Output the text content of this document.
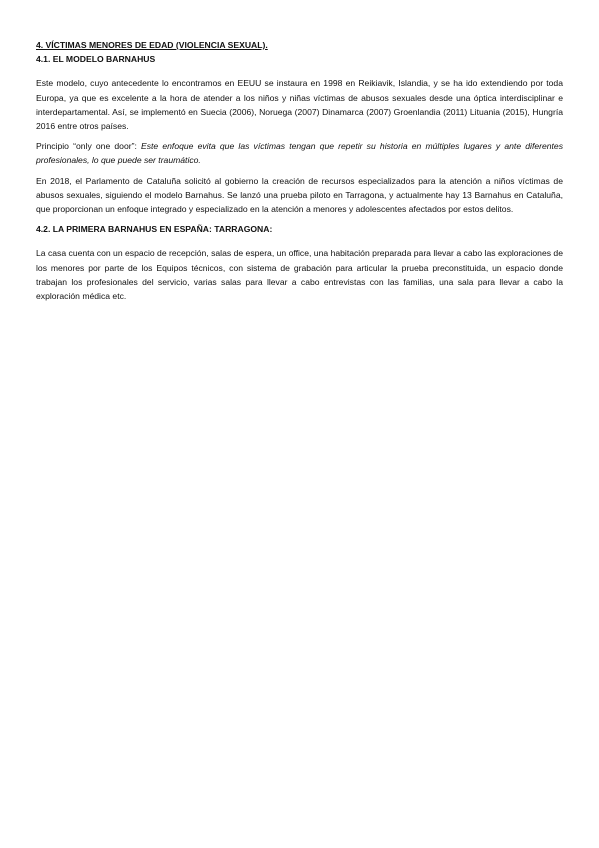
4. VÍCTIMAS MENORES DE EDAD (VIOLENCIA SEXUAL).
4.1. EL MODELO BARNAHUS

Este modelo, cuyo antecedente lo encontramos en EEUU se instaura en 1998 en Reikiavik, Islandia, y se ha ido extendiendo por toda Europa, ya que es excelente a la hora de atender a los niños y niñas víctimas de abusos sexuales desde una óptica interdisciplinar e interdepartamental. Así, se implementó en Suecia (2006), Noruega (2007) Dinamarca (2007) Groenlandia (2011) Lituania (2015), Hungría 2016 entre otros países.

Principio “only one door”: Este enfoque evita que las víctimas tengan que repetir su historia en múltiples lugares y ante diferentes profesionales, lo que puede ser traumático.

En 2018, el Parlamento de Cataluña solicitó al gobierno la creación de recursos especializados para la atención a niños víctimas de abusos sexuales, siguiendo el modelo Barnahus. Se lanzó una prueba piloto en Tarragona, y actualmente hay 13 Barnahus en Cataluña, que proporcionan un enfoque integrado y especializado en la atención a menores y adolescentes afectados por estos delitos.

4.2. LA PRIMERA BARNAHUS EN ESPAÑA: TARRAGONA:

La casa cuenta con un espacio de recepción, salas de espera, un office, una habitación preparada para llevar a cabo las exploraciones de los menores por parte de los Equipos técnicos, con sistema de grabación para articular la prueba preconstituida, un espacio donde trabajan los profesionales del servicio, varias salas para llevar a cabo entrevistas con las familias, una sala para llevar a cabo la exploración médica etc.
